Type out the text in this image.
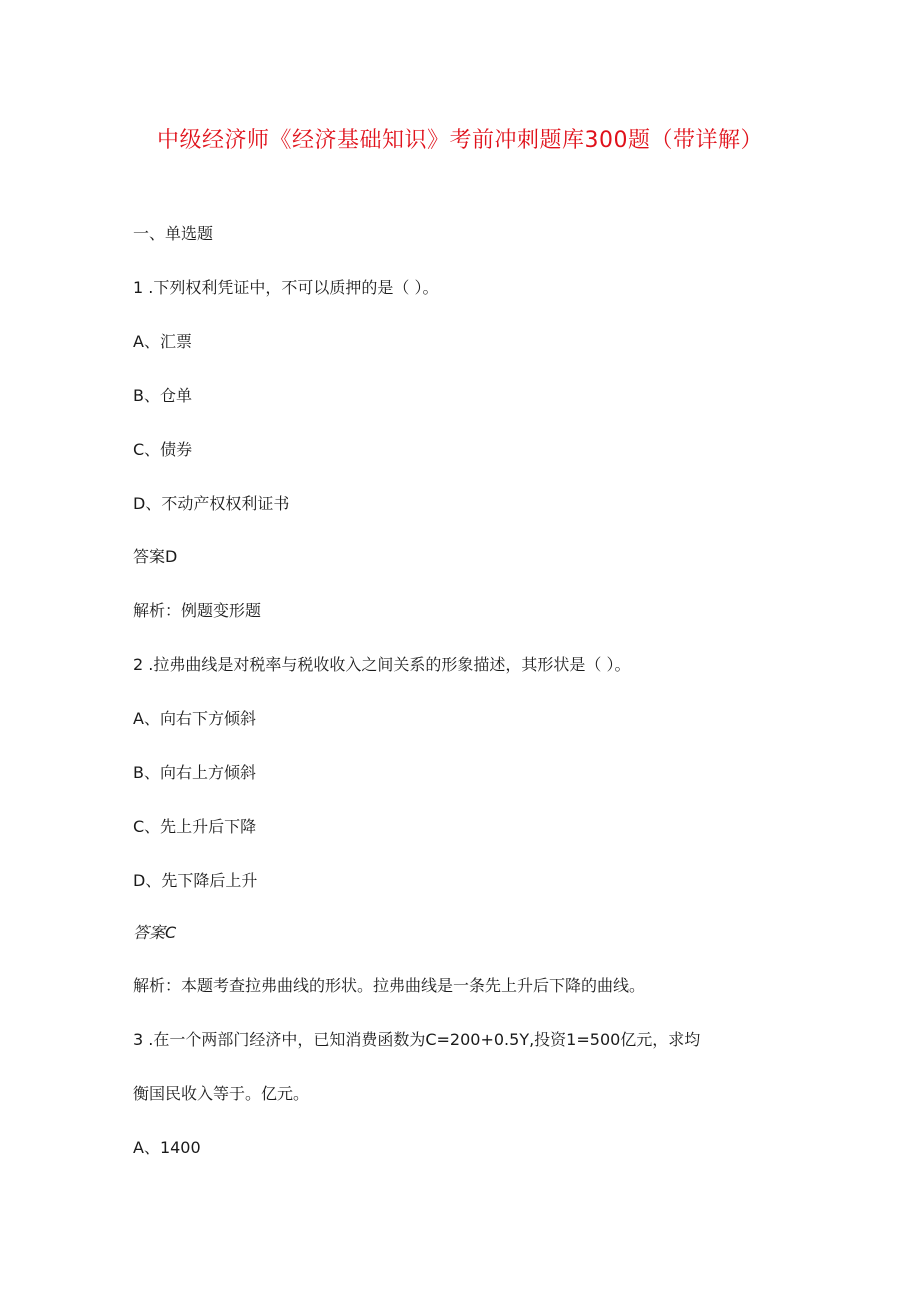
中级经济师《经济基础知识》考前冲刺题库300题（带详解）
一、单选题
1 .下列权利凭证中，不可以质押的是（ ）。
A、汇票
B、仓单
C、债券
D、不动产权权利证书
答案D
解析：例题变形题
2 .拉弗曲线是对税率与税收收入之间关系的形象描述，其形状是（ ）。
A、向右下方倾斜
B、向右上方倾斜
C、先上升后下降
D、先下降后上升
答案C
解析：本题考查拉弗曲线的形状。拉弗曲线是一条先上升后下降的曲线。
3 .在一个两部门经济中，已知消费函数为C=200+0.5Y,投资1=500亿元，求均
衡国民收入等于。亿元。
A、1400
